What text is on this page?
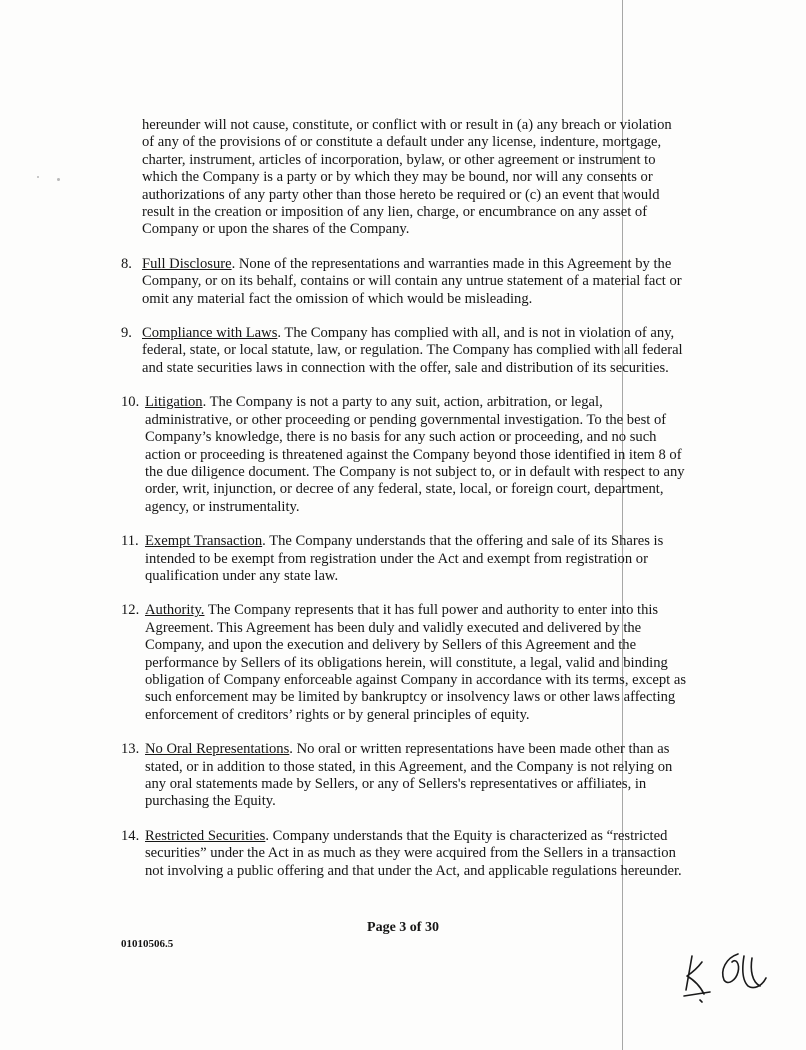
hereunder will not cause, constitute, or conflict with or result in (a) any breach or violation of any of the provisions of or constitute a default under any license, indenture, mortgage, charter, instrument, articles of incorporation, bylaw, or other agreement or instrument to which the Company is a party or by which they may be bound, nor will any consents or authorizations of any party other than those hereto be required or (c) an event that would result in the creation or imposition of any lien, charge, or encumbrance on any asset of Company or upon the shares of the Company.

8. Full Disclosure. None of the representations and warranties made in this Agreement by the Company, or on its behalf, contains or will contain any untrue statement of a material fact or omit any material fact the omission of which would be misleading.
9. Compliance with Laws. The Company has complied with all, and is not in violation of any, federal, state, or local statute, law, or regulation. The Company has complied with all federal and state securities laws in connection with the offer, sale and distribution of its securities.
10. Litigation. The Company is not a party to any suit, action, arbitration, or legal, administrative, or other proceeding or pending governmental investigation. To the best of Company’s knowledge, there is no basis for any such action or proceeding, and no such action or proceeding is threatened against the Company beyond those identified in item 8 of the due diligence document. The Company is not subject to, or in default with respect to any order, writ, injunction, or decree of any federal, state, local, or foreign court, department, agency, or instrumentality.
11. Exempt Transaction. The Company understands that the offering and sale of its Shares is intended to be exempt from registration under the Act and exempt from registration or qualification under any state law.
12. Authority. The Company represents that it has full power and authority to enter into this Agreement. This Agreement has been duly and validly executed and delivered by the Company, and upon the execution and delivery by Sellers of this Agreement and the performance by Sellers of its obligations herein, will constitute, a legal, valid and binding obligation of Company enforceable against Company in accordance with its terms, except as such enforcement may be limited by bankruptcy or insolvency laws or other laws affecting enforcement of creditors’ rights or by general principles of equity.
13. No Oral Representations. No oral or written representations have been made other than as stated, or in addition to those stated, in this Agreement, and the Company is not relying on any oral statements made by Sellers, or any of Sellers's representatives or affiliates, in purchasing the Equity.
14. Restricted Securities. Company understands that the Equity is characterized as “restricted securities” under the Act in as much as they were acquired from the Sellers in a transaction not involving a public offering and that under the Act, and applicable regulations hereunder.
Page 3 of 30
01010506.5
